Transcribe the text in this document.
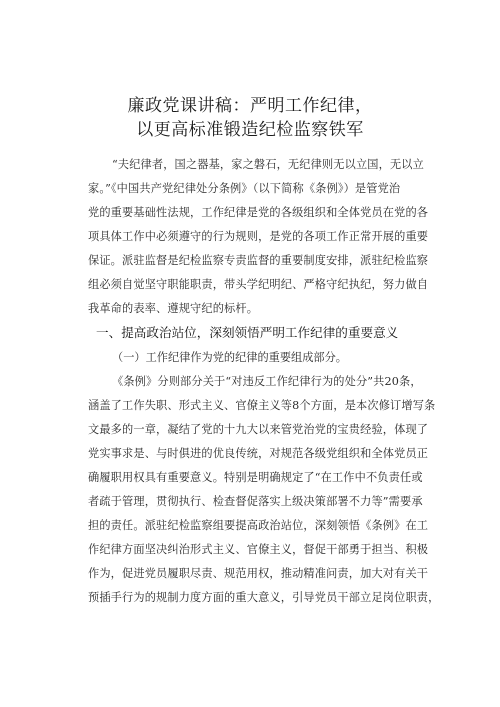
廉政党课讲稿：严明工作纪律，
以更高标准锻造纪检监察铁军
“夫纪律者，国之器基，家之磐石，无纪律则无以立国，无以立
家。”《中国共产党纪律处分条例》（以下简称《条例》）是管党治
党的重要基础性法规，工作纪律是党的各级组织和全体党员在党的各
项具体工作中必须遵守的行为规则，是党的各项工作正常开展的重要
保证。派驻监督是纪检监察专责监督的重要制度安排，派驻纪检监察
组必须自觉坚守职能职责，带头学纪明纪、严格守纪执纪，努力做自
我革命的表率、遵规守纪的标杆。
一、提高政治站位，深刻领悟严明工作纪律的重要意义
（一）工作纪律作为党的纪律的重要组成部分。
《条例》分则部分关于“对违反工作纪律行为的处分”共20条，
涵盖了工作失职、形式主义、官僚主义等8个方面，是本次修订增写条
文最多的一章，凝结了党的十九大以来管党治党的宝贵经验，体现了
党实事求是、与时俱进的优良传统，对规范各级党组织和全体党员正
确履职用权具有重要意义。特别是明确规定了“在工作中不负责任或
者疏于管理，贯彻执行、检查督促落实上级决策部署不力等”需要承
担的责任。派驻纪检监察组要提高政治站位，深刻领悟《条例》在工
作纪律方面坚决纠治形式主义、官僚主义，督促干部勇于担当、积极
作为，促进党员履职尽责、规范用权，推动精准问责，加大对有关干
预插手行为的规制力度方面的重大意义，引导党员干部立足岗位职责，
